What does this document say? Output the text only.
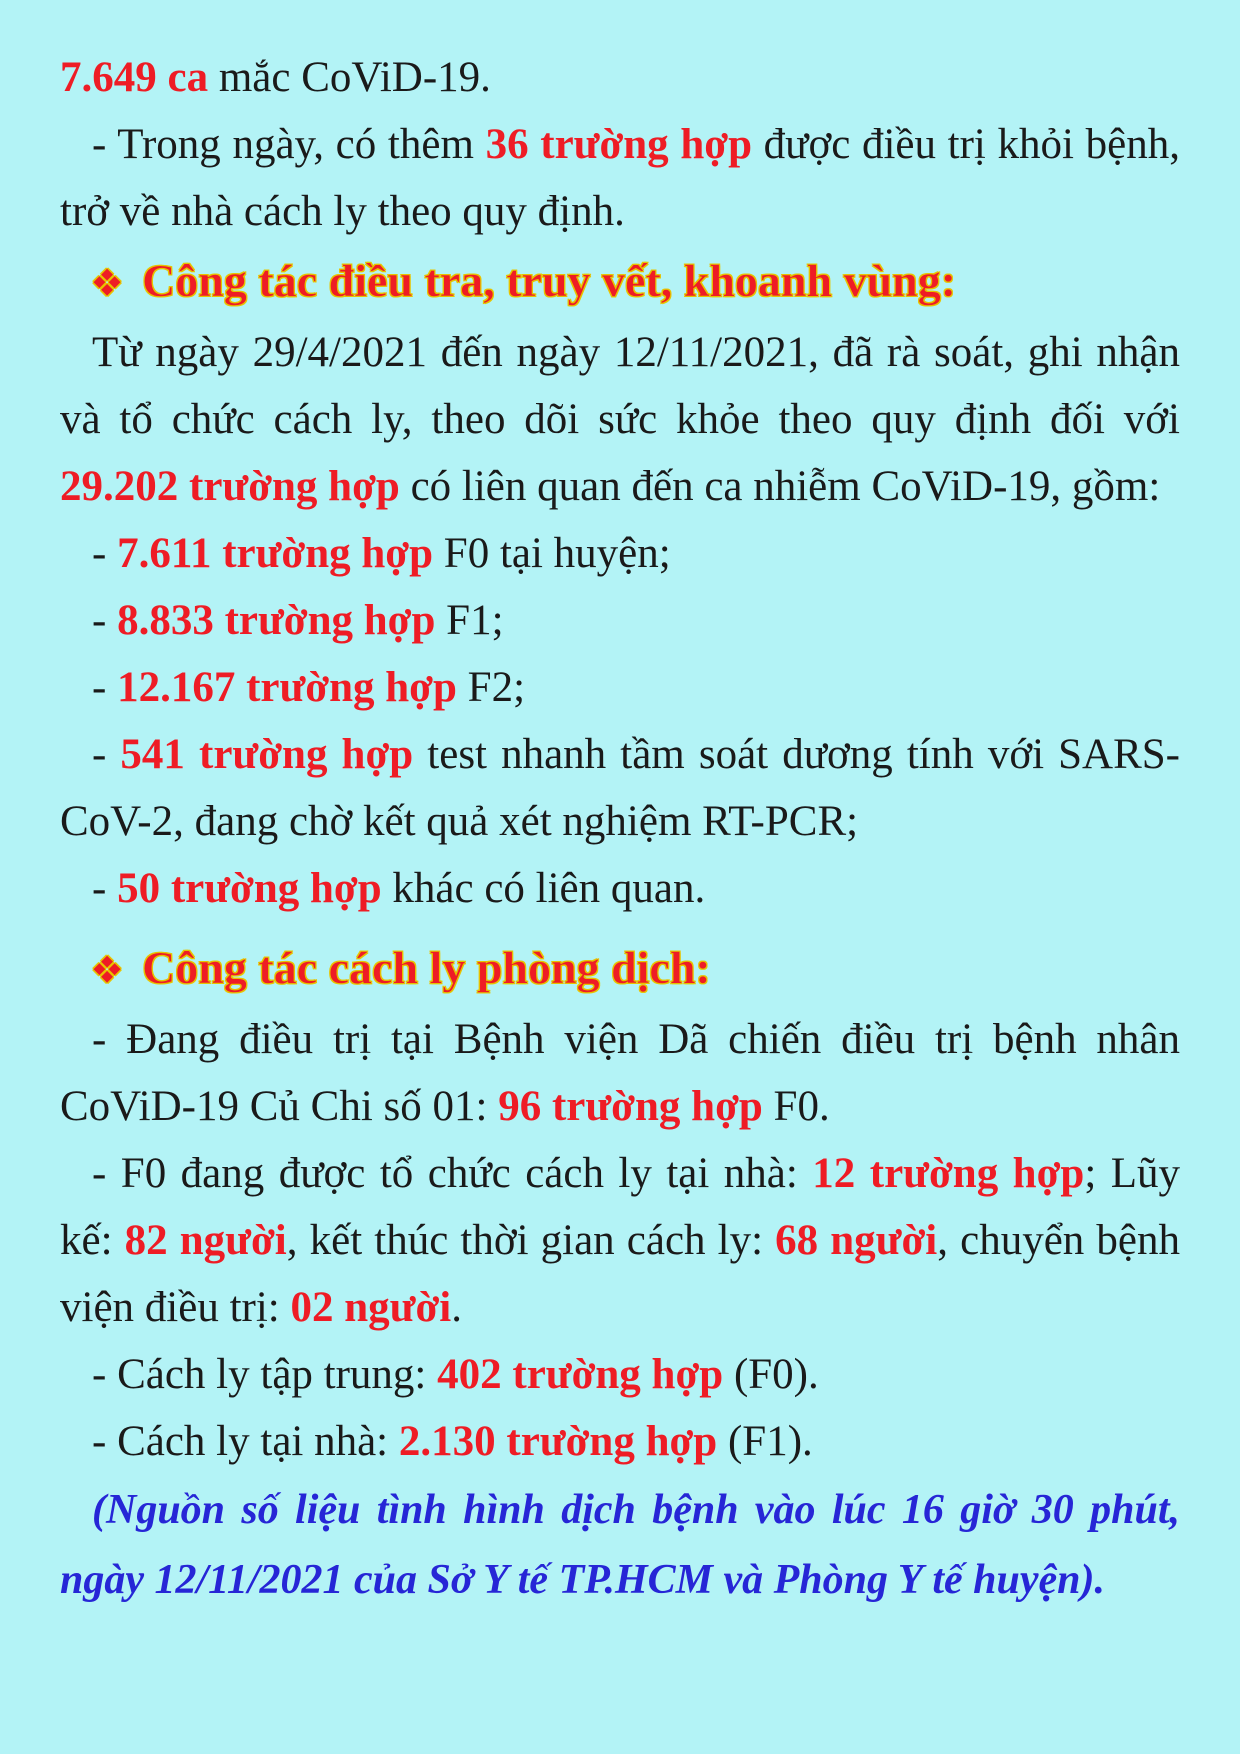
7.649 ca mắc CoViD-19.

- Trong ngày, có thêm 36 trường hợp được điều trị khỏi bệnh, trở về nhà cách ly theo quy định.

❖ Công tác điều tra, truy vết, khoanh vùng:

Từ ngày 29/4/2021 đến ngày 12/11/2021, đã rà soát, ghi nhận và tổ chức cách ly, theo dõi sức khỏe theo quy định đối với 29.202 trường hợp có liên quan đến ca nhiễm CoViD-19, gồm:

- 7.611 trường hợp F0 tại huyện;

- 8.833 trường hợp F1;

- 12.167 trường hợp F2;

- 541 trường hợp test nhanh tầm soát dương tính với SARS-CoV-2, đang chờ kết quả xét nghiệm RT-PCR;

- 50 trường hợp khác có liên quan.

❖ Công tác cách ly phòng dịch:

- Đang điều trị tại Bệnh viện Dã chiến điều trị bệnh nhân CoViD-19 Củ Chi số 01: 96 trường hợp F0.

- F0 đang được tổ chức cách ly tại nhà: 12 trường hợp; Lũy kế: 82 người, kết thúc thời gian cách ly: 68 người, chuyển bệnh viện điều trị: 02 người.

- Cách ly tập trung: 402 trường hợp (F0).

- Cách ly tại nhà: 2.130 trường hợp (F1).

(Nguồn số liệu tình hình dịch bệnh vào lúc 16 giờ 30 phút, ngày 12/11/2021 của Sở Y tế TP.HCM và Phòng Y tế huyện).
